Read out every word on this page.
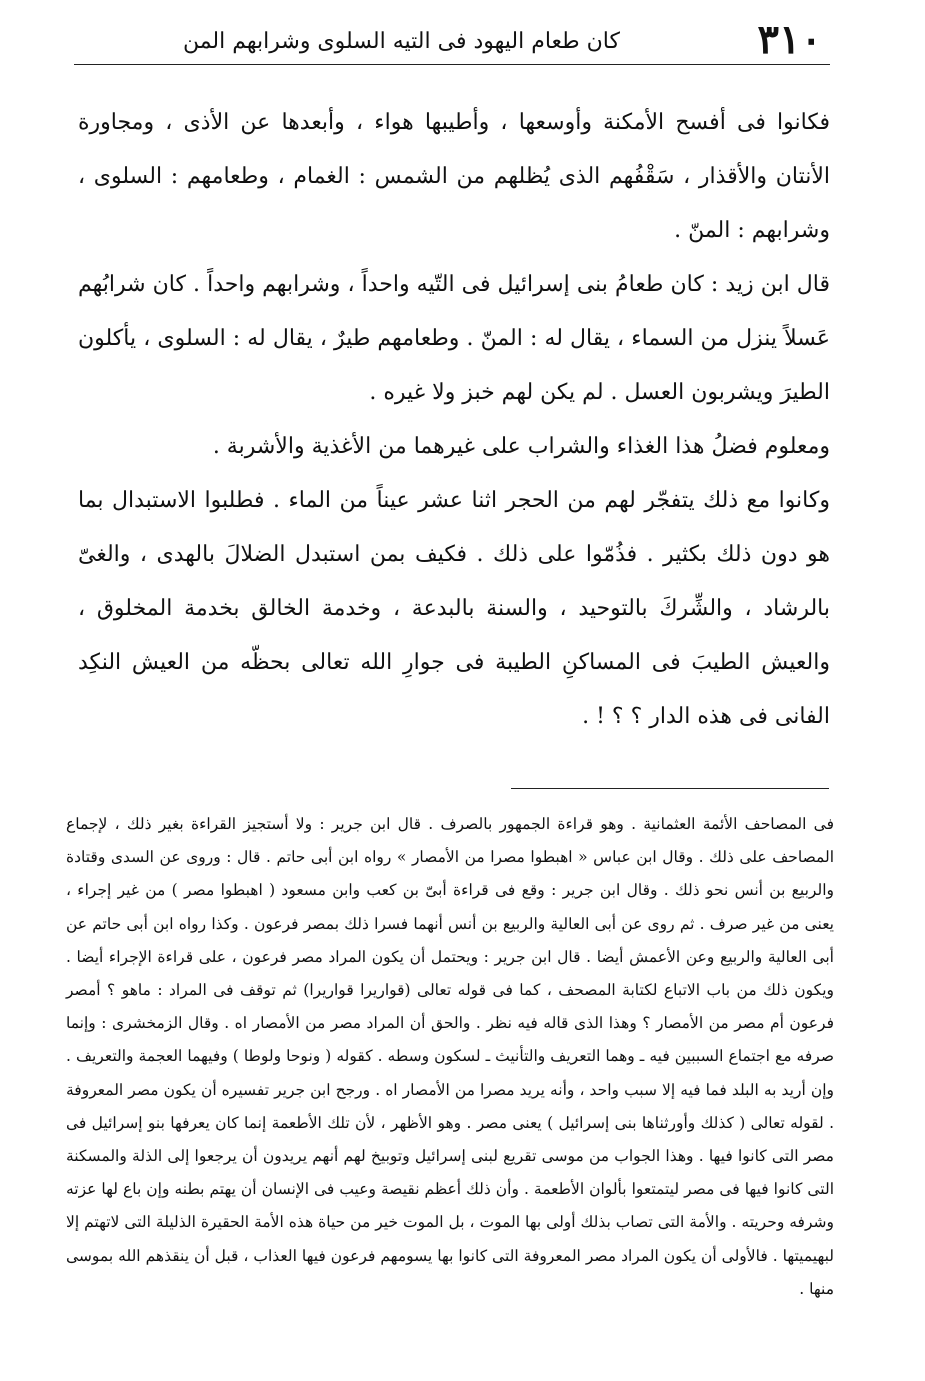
٣١٠
كان طعام اليهود فى التيه السلوى وشرابهم المن

فكانوا فى أفسح الأمكنة وأوسعها ، وأطيبها هواء ، وأبعدها عن الأذى ، ومجاورة الأنتان والأقذار ، سَقْفُهم الذى يُظلهم من الشمس : الغمام ، وطعامهم : السلوى ، وشرابهم : المنّ .

قال ابن زيد : كان طعامُ بنى إسرائيل فى التّيه واحداً ، وشرابهم واحداً . كان شرابُهم عَسلاً ينزل من السماء ، يقال له : المنّ . وطعامهم طيرٌ ، يقال له : السلوى ، يأكلون الطيرَ ويشربون العسل . لم يكن لهم خبز ولا غيره .

ومعلوم فضلُ هذا الغذاء والشراب على غيرهما من الأغذية والأشربة .

وكانوا مع ذلك يتفجّر لهم من الحجر اثنا عشر عيناً من الماء . فطلبوا الاستبدال بما هو دون ذلك بكثير . فذُمّوا على ذلك . فكيف بمن استبدل الضلالَ بالهدى ، والغىّ بالرشاد ، والشِّركَ بالتوحيد ، والسنة بالبدعة ، وخدمة الخالق بخدمة المخلوق ، والعيش الطيبَ فى المساكنِ الطيبة فى جوارِ الله تعالى بحظّه من العيش النكِد الفانى فى هذه الدار ؟ ؟ ! .

فى المصاحف الأئمة العثمانية . وهو قراءة الجمهور بالصرف . قال ابن جرير : ولا أستجيز القراءة بغير ذلك ، لإجماع المصاحف على ذلك . وقال ابن عباس « اهبطوا مصرا من الأمصار » رواه ابن أبى حاتم . قال : وروى عن السدى وقتادة والربيع بن أنس نحو ذلك . وقال ابن جرير : وقع فى قراءة أبىّ بن كعب وابن مسعود ( اهبطوا مصر ) من غير إجراء ، يعنى من غير صرف . ثم روى عن أبى العالية والربيع بن أنس أنهما فسرا ذلك بمصر فرعون . وكذا رواه ابن أبى حاتم عن أبى العالية والربيع وعن الأعمش أيضا . قال ابن جرير : ويحتمل أن يكون المراد مصر فرعون ، على قراءة الإجراء أيضا . ويكون ذلك من باب الاتباع لكتابة المصحف ، كما فى قوله تعالى (قواريرا قواريرا) ثم توقف فى المراد : ماهو ؟ أمصر فرعون أم مصر من الأمصار ؟ وهذا الذى قاله فيه نظر . والحق أن المراد مصر من الأمصار اه . وقال الزمخشرى : وإنما صرفه مع اجتماع السببين فيه ـ وهما التعريف والتأنيث ـ لسكون وسطه . كقوله ( ونوحا ولوطا ) وفيهما العجمة والتعريف . وإن أريد به البلد فما فيه إلا سبب واحد ، وأنه يريد مصرا من الأمصار اه . ورجح ابن جرير تفسيره أن يكون مصر المعروفة . لقوله تعالى ( كذلك وأورثناها بنى إسرائيل ) يعنى مصر . وهو الأظهر ، لأن تلك الأطعمة إنما كان يعرفها بنو إسرائيل فى مصر التى كانوا فيها . وهذا الجواب من موسى تقريع لبنى إسرائيل وتوبيخ لهم أنهم يريدون أن يرجعوا إلى الذلة والمسكنة التى كانوا فيها فى مصر ليتمتعوا بألوان الأطعمة . وأن ذلك أعظم نقيصة وعيب فى الإنسان أن يهتم بطنه وإن باع لها عزته وشرفه وحريته . والأمة التى تصاب بذلك أولى بها الموت ، بل الموت خير من حياة هذه الأمة الحقيرة الذليلة التى لاتهتم إلا لبهيميتها . فالأولى أن يكون المراد مصر المعروفة التى كانوا بها يسومهم فرعون فيها العذاب ، قبل أن ينقذهم الله بموسى منها .
